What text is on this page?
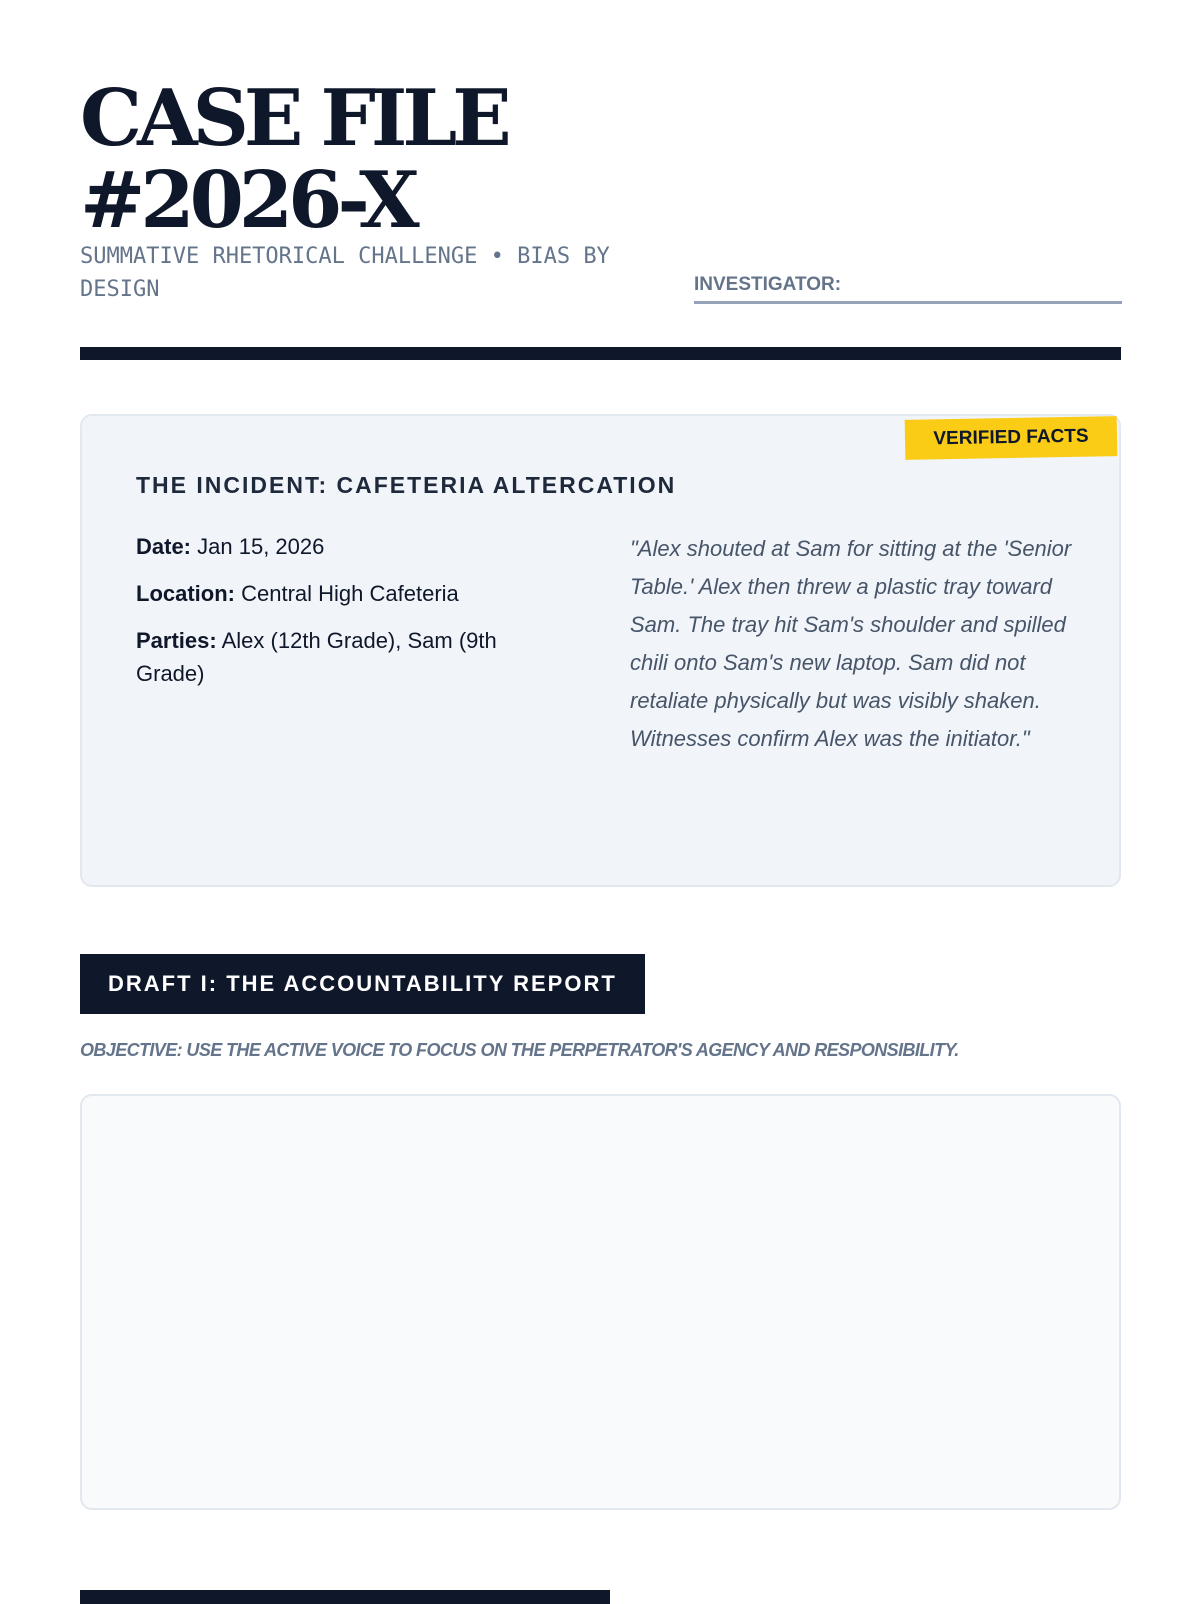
CASE FILE
#2026-X
SUMMATIVE RHETORICAL CHALLENGE • BIAS BY DESIGN	INVESTIGATOR:
VERIFIED FACTS
THE INCIDENT: CAFETERIA ALTERCATION
Date: Jan 15, 2026
Location: Central High Cafeteria
Parties: Alex (12th Grade), Sam (9th Grade)

"Alex shouted at Sam for sitting at the 'Senior Table.' Alex then threw a plastic tray toward Sam. The tray hit Sam's shoulder and spilled chili onto Sam's new laptop. Sam did not retaliate physically but was visibly shaken. Witnesses confirm Alex was the initiator."

DRAFT I: THE ACCOUNTABILITY REPORT
OBJECTIVE: USE THE ACTIVE VOICE TO FOCUS ON THE PERPETRATOR'S AGENCY AND RESPONSIBILITY.
